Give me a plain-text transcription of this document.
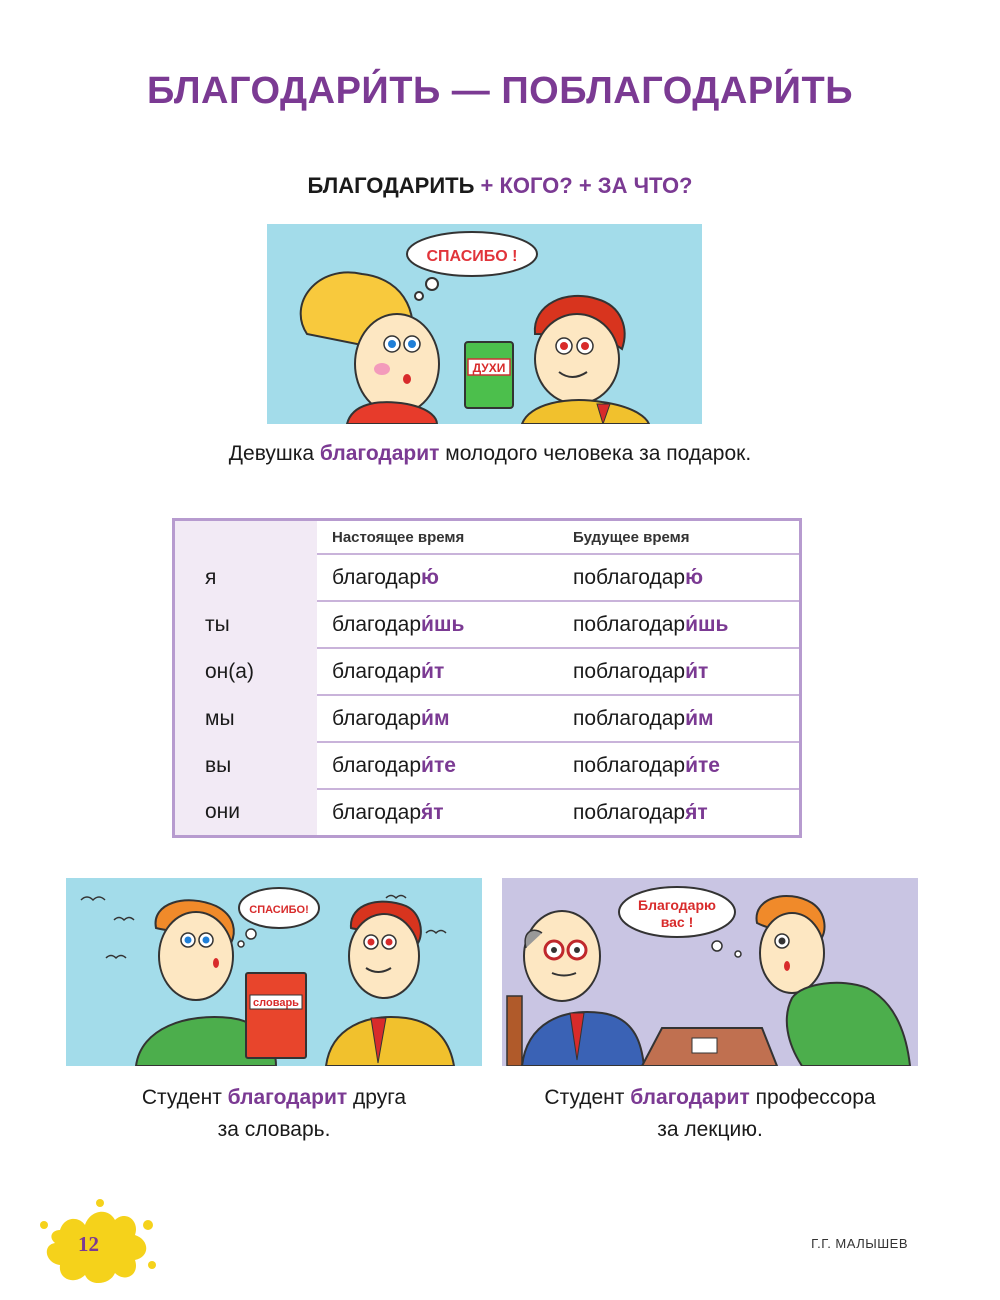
БЛАГОДАРИ́ТЬ — ПОБЛАГОДАРИ́ТЬ
БЛАГОДАРИТЬ + КОГО? + ЗА ЧТО?
СПАСИБО !
ДУХИ
Девушка благодарит молодого человека за подарок.
	Настоящее время	Будущее время
я	благодарю́	поблагодарю́
ты	благодари́шь	поблагодари́шь
он(а)	благодари́т	поблагодари́т
мы	благодари́м	поблагодари́м
вы	благодари́те	поблагодари́те
они	благодаря́т	поблагодаря́т
СПАСИБО!
словарь
Благодарю
вас !
Студент благодарит друга
за словарь.
Студент благодарит профессора
за лекцию.
12	Г.Г. МАЛЫШЕВ
